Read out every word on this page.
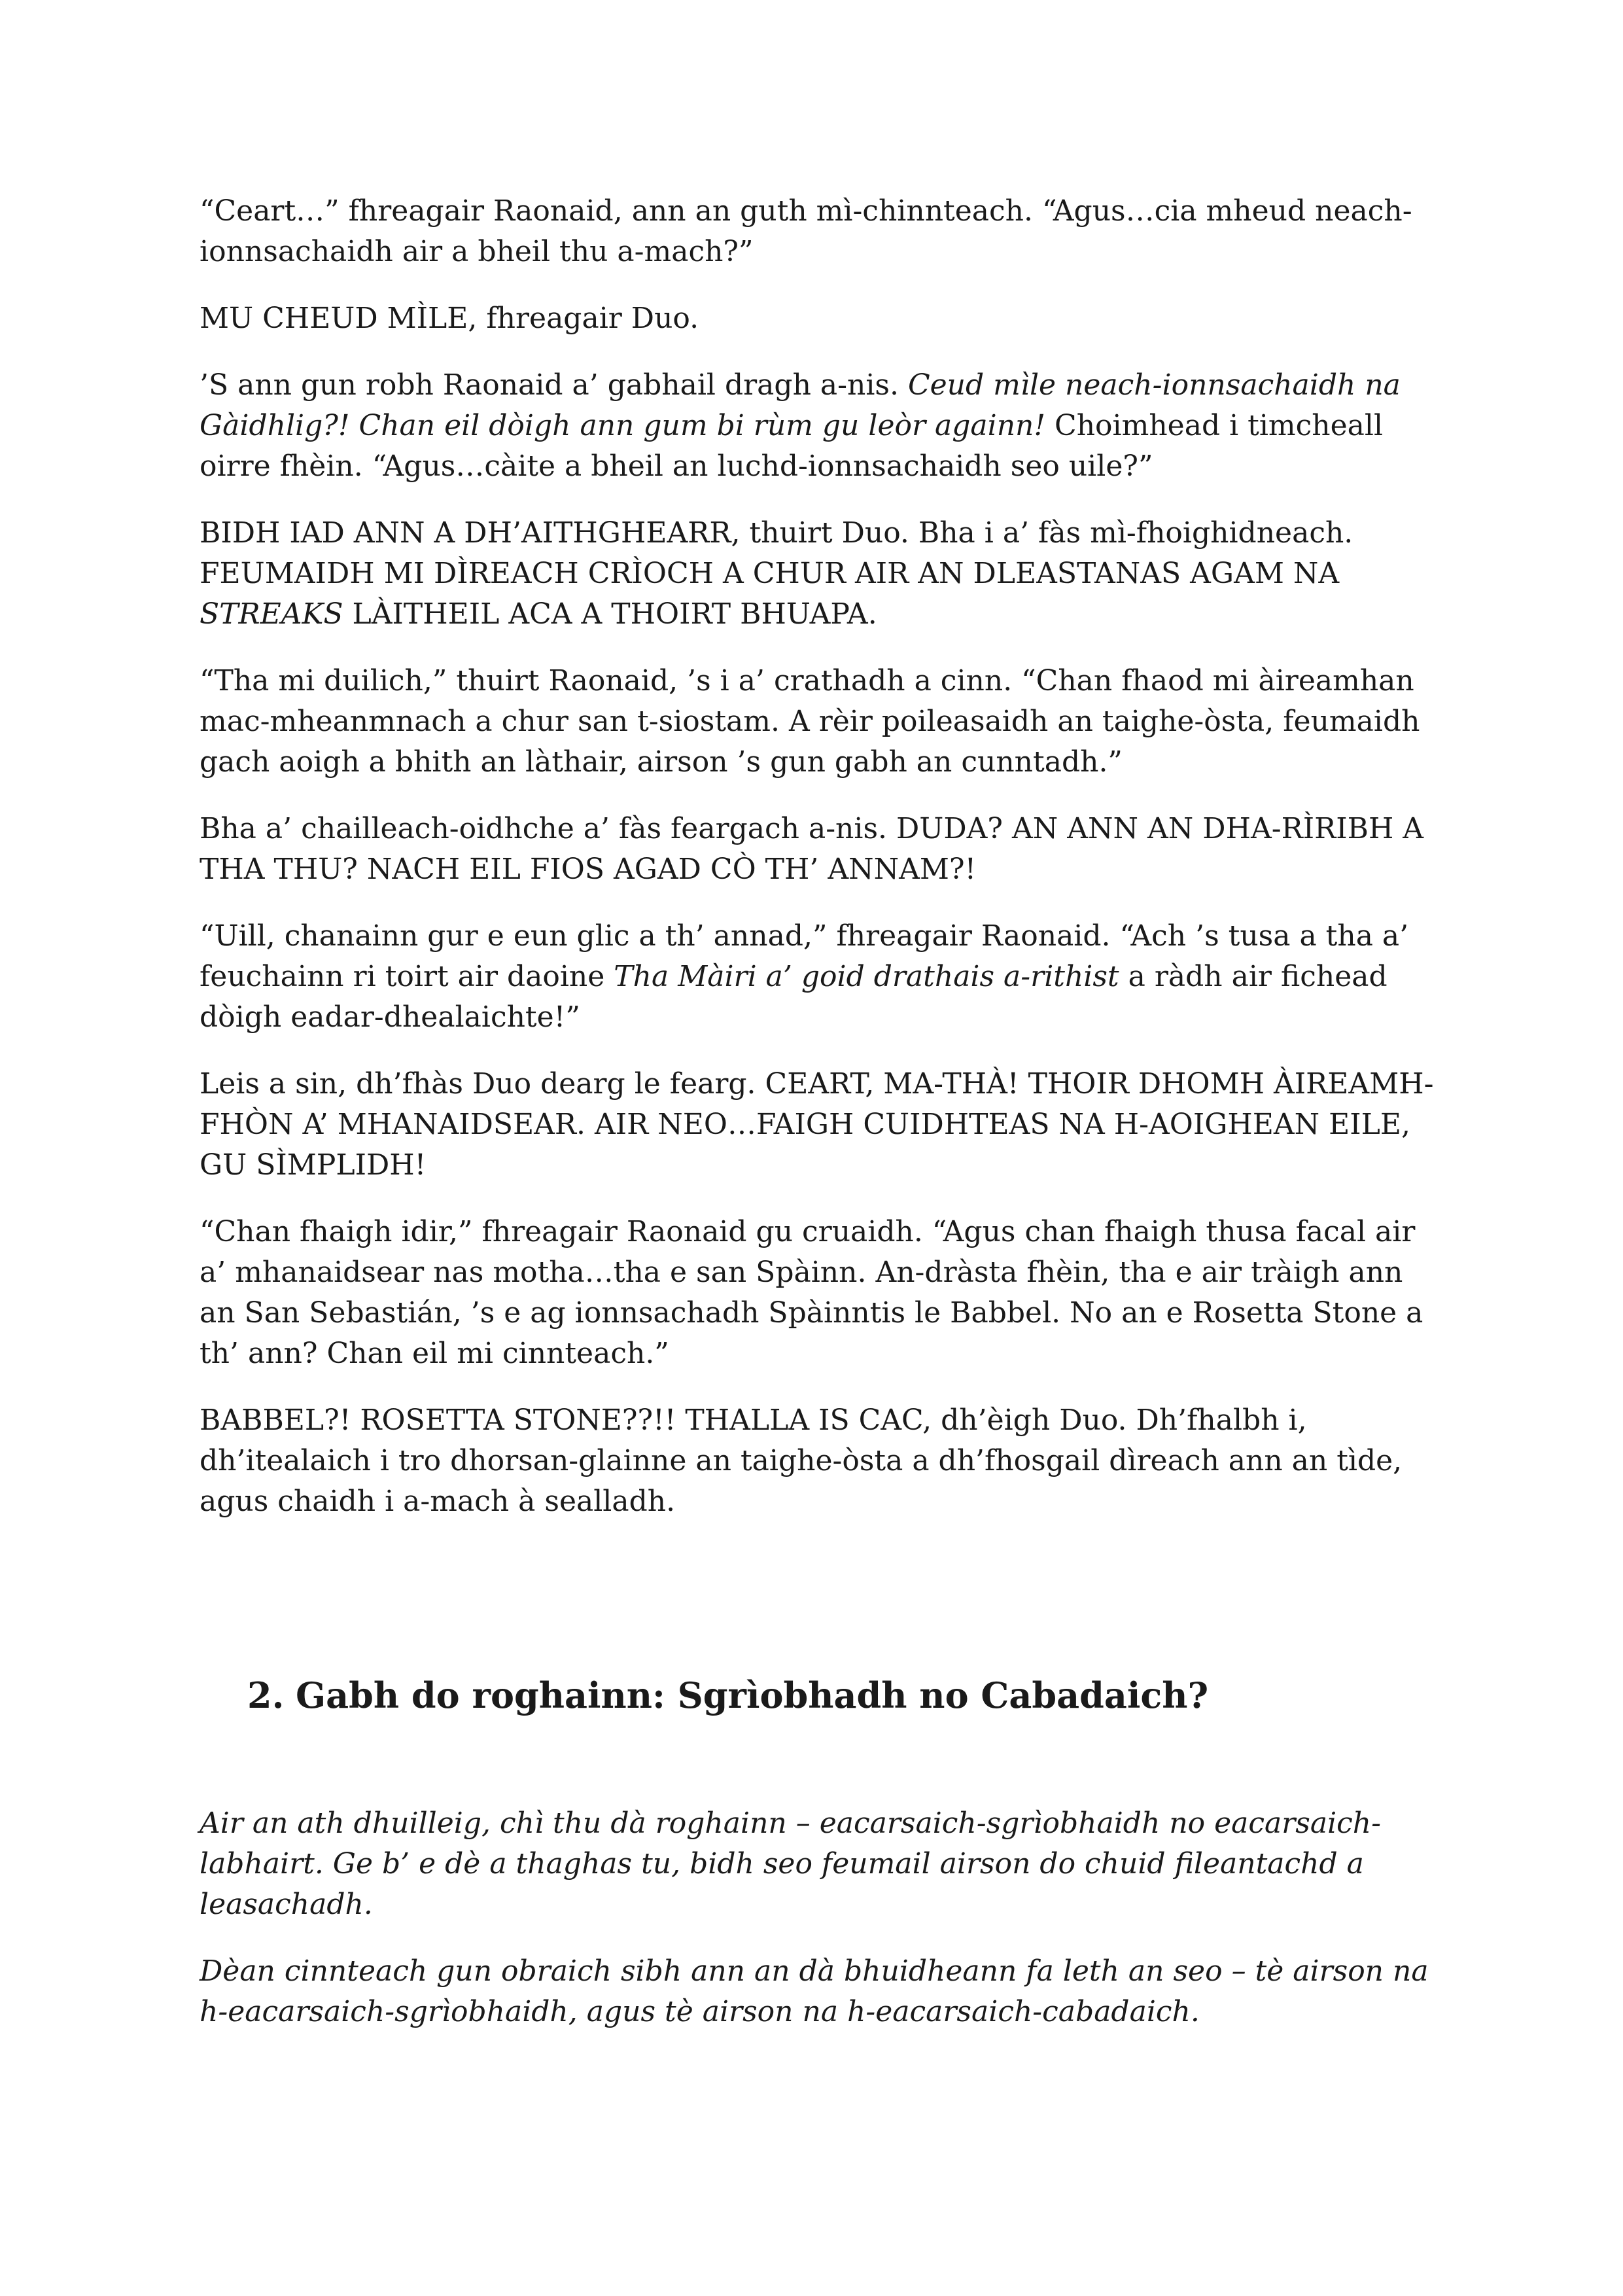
“Ceart…” fhreagair Raonaid, ann an guth mì-chinnteach. “Agus…cia mheud neach-ionnsachaidh air a bheil thu a-mach?”

MU CHEUD MÌLE, fhreagair Duo.

’S ann gun robh Raonaid a’ gabhail dragh a-nis. Ceud mìle neach-ionnsachaidh na Gàidhlig?! Chan eil dòigh ann gum bi rùm gu leòr againn! Choimhead i timcheall oirre fhèin. “Agus…càite a bheil an luchd-ionnsachaidh seo uile?”

BIDH IAD ANN A DH’AITHGHEARR, thuirt Duo. Bha i a’ fàs mì-fhoighidneach. FEUMAIDH MI DÌREACH CRÌOCH A CHUR AIR AN DLEASTANAS AGAM NA STREAKS LÀITHEIL ACA A THOIRT BHUAPA.

“Tha mi duilich,” thuirt Raonaid, ’s i a’ crathadh a cinn. “Chan fhaod mi àireamhan mac-mheanmnach a chur san t-siostam. A rèir poileasaidh an taighe-òsta, feumaidh gach aoigh a bhith an làthair, airson ’s gun gabh an cunntadh.”

Bha a’ chailleach-oidhche a’ fàs feargach a-nis. DUDA? AN ANN AN DHA-RÌRIBH A THA THU? NACH EIL FIOS AGAD CÒ TH’ ANNAM?!

“Uill, chanainn gur e eun glic a th’ annad,” fhreagair Raonaid. “Ach ’s tusa a tha a’ feuchainn ri toirt air daoine Tha Màiri a’ goid drathais a-rithist a ràdh air fichead dòigh eadar-dhealaichte!”

Leis a sin, dh’fhàs Duo dearg le fearg. CEART, MA-THÀ! THOIR DHOMH ÀIREAMH-FHÒN A’ MHANAIDSEAR. AIR NEO…FAIGH CUIDHTEAS NA H-AOIGHEAN EILE, GU SÌMPLIDH!

“Chan fhaigh idir,” fhreagair Raonaid gu cruaidh. “Agus chan fhaigh thusa facal air a’ mhanaidsear nas motha…tha e san Spàinn. An-dràsta fhèin, tha e air tràigh ann an San Sebastián, ’s e ag ionnsachadh Spàinntis le Babbel. No an e Rosetta Stone a th’ ann? Chan eil mi cinnteach.”

BABBEL?! ROSETTA STONE??!! THALLA IS CAC, dh’èigh Duo. Dh’fhalbh i, dh’itealaich i tro dhorsan-glainne an taighe-òsta a dh’fhosgail dìreach ann an tìde, agus chaidh i a-mach à sealladh.

2. Gabh do roghainn: Sgrìobhadh no Cabadaich?

Air an ath dhuilleig, chì thu dà roghainn – eacarsaich-sgrìobhaidh no eacarsaich-labhairt. Ge b’ e dè a thaghas tu, bidh seo feumail airson do chuid fileantachd a leasachadh.

Dèan cinnteach gun obraich sibh ann an dà bhuidheann fa leth an seo – tè airson na h-eacarsaich-sgrìobhaidh, agus tè airson na h-eacarsaich-cabadaich.
